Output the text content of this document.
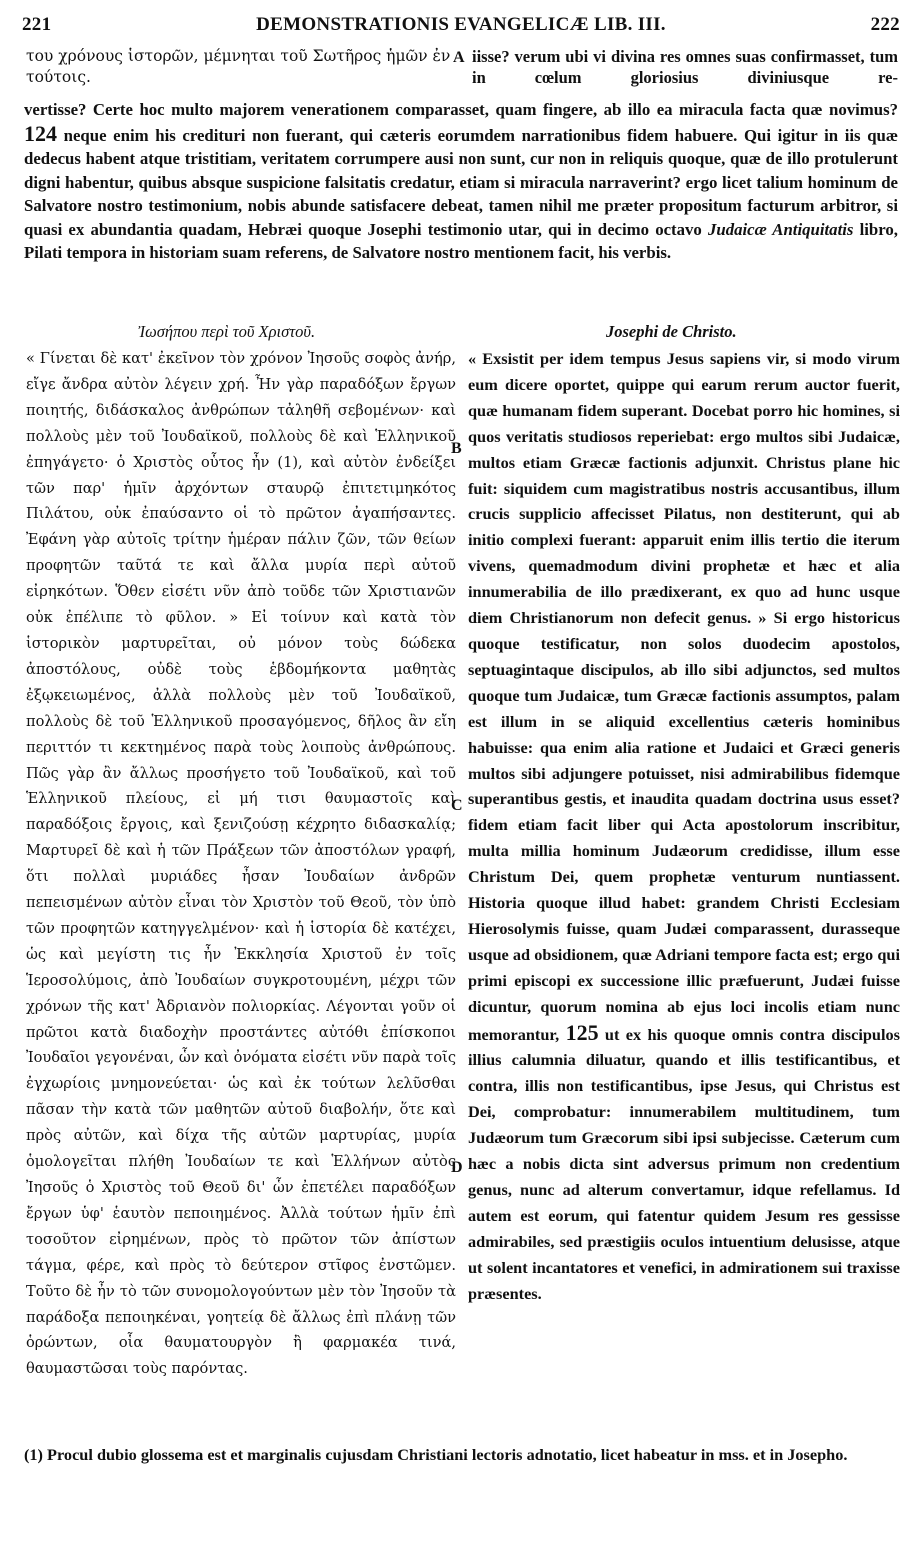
221	DEMONSTRATIONIS EVANGELICÆ LIB. III.	222
του χρόνους ἱστορῶν, μέμνηται τοῦ Σωτῆρος ἡμῶν ἐν τούτοις.
A iisse? verum ubi vi divina res omnes suas confirmasset, tum in cœlum gloriosius diviniusque re-
vertisse? Certe hoc multo majorem venerationem comparasset, quam fingere, ab illo ea miracula facta quæ novimus? 124 neque enim his credituri non fuerant, qui cæteris eorumdem narrationibus fidem habuere. Qui igitur in iis quæ dedecus habent atque tristitiam, veritatem corrumpere ausi non sunt, cur non in reliquis quoque, quæ de illo protulerunt digni habentur, quibus absque suspicione falsitatis credatur, etiam si miracula narraverint? ergo licet talium hominum de Salvatore nostro testimonium, nobis abunde satisfacere debeat, tamen nihil me præter propositum facturum arbitror, si quasi ex abundantia quadam, Hebræi quoque Josephi testimonio utar, qui in decimo octavo Judaicæ Antiquitatis libro, Pilati tempora in historiam suam referens, de Salvatore nostro mentionem facit, his verbis.
Ἰωσήπου περὶ τοῦ Χριστοῦ.	Josephi de Christo.
« Γίνεται δὲ κατ' ἐκεῖνον τὸν χρόνον Ἰησοῦς σοφὸς ἀνήρ, εἴγε ἄνδρα αὐτὸν λέγειν χρή. Ἦν γὰρ παραδόξων ἔργων ποιητής, διδάσκαλος ἀνθρώπων τἀληθῆ σεβομένων· καὶ πολλοὺς μὲν τοῦ Ἰουδαϊκοῦ, πολλοὺς δὲ καὶ Ἑλληνικοῦ ἐπηγάγετο· ὁ Χριστὸς οὗτος ἦν (1), καὶ αὐτὸν ἐνδείξει τῶν παρ' ἡμῖν ἀρχόντων σταυρῷ ἐπιτετιμηκότος Πιλάτου, οὐκ ἐπαύσαντο οἱ τὸ πρῶτον ἀγαπήσαντες. Ἐφάνη γὰρ αὐτοῖς τρίτην ἡμέραν πάλιν ζῶν, τῶν θείων προφητῶν ταῦτά τε καὶ ἄλλα μυρία περὶ αὐτοῦ εἰρηκότων. Ὅθεν εἰσέτι νῦν ἀπὸ τοῦδε τῶν Χριστιανῶν οὐκ ἐπέλιπε τὸ φῦλον. » Εἰ τοίνυν καὶ κατὰ τὸν ἱστορικὸν μαρτυρεῖται, οὐ μόνον τοὺς δώδεκα ἀποστόλους, οὐδὲ τοὺς ἑβδομήκοντα μαθητὰς ἐξῳκειωμένος, ἀλλὰ πολλοὺς μὲν τοῦ Ἰουδαϊκοῦ, πολλοὺς δὲ τοῦ Ἑλληνικοῦ προσαγόμενος, δῆλος ἂν εἴη περιττόν τι κεκτημένος παρὰ τοὺς λοιποὺς ἀνθρώπους. Πῶς γὰρ ἂν ἄλλως προσήγετο τοῦ Ἰουδαϊκοῦ, καὶ τοῦ Ἑλληνικοῦ πλείους, εἰ μή τισι θαυμαστοῖς καὶ παραδόξοις ἔργοις, καὶ ξενιζούσῃ κέχρητο διδασκαλίᾳ; Μαρτυρεῖ δὲ καὶ ἡ τῶν Πράξεων τῶν ἀποστόλων γραφή, ὅτι πολλαὶ μυριάδες ἦσαν Ἰουδαίων ἀνδρῶν πεπεισμένων αὐτὸν εἶναι τὸν Χριστὸν τοῦ Θεοῦ, τὸν ὑπὸ τῶν προφητῶν κατηγγελμένον· καὶ ἡ ἱστορία δὲ κατέχει, ὡς καὶ μεγίστη τις ἦν Ἐκκλησία Χριστοῦ ἐν τοῖς Ἱεροσολύμοις, ἀπὸ Ἰουδαίων συγκροτουμένη, μέχρι τῶν χρόνων τῆς κατ' Ἀδριανὸν πολιορκίας. Λέγονται γοῦν οἱ πρῶτοι κατὰ διαδοχὴν προστάντες αὐτόθι ἐπίσκοποι Ἰουδαῖοι γεγονέναι, ὧν καὶ ὀνόματα εἰσέτι νῦν παρὰ τοῖς ἐγχωρίοις μνημονεύεται· ὡς καὶ ἐκ τούτων λελῦσθαι πᾶσαν τὴν κατὰ τῶν μαθητῶν αὐτοῦ διαβολήν, ὅτε καὶ πρὸς αὐτῶν, καὶ δίχα τῆς αὐτῶν μαρτυρίας, μυρία ὁμολογεῖται πλήθη Ἰουδαίων τε καὶ Ἑλλήνων αὐτὸς Ἰησοῦς ὁ Χριστὸς τοῦ Θεοῦ δι' ὧν ἐπετέλει παραδόξων ἔργων ὑφ' ἑαυτὸν πεποιημένος. Ἀλλὰ τούτων ἡμῖν ἐπὶ τοσοῦτον εἰρημένων, πρὸς τὸ πρῶτον τῶν ἀπίστων τάγμα, φέρε, καὶ πρὸς τὸ δεύτερον στῖφος ἐνστῶμεν. Τοῦτο δὲ ἦν τὸ τῶν συνομολογούντων μὲν τὸν Ἰησοῦν τὰ παράδοξα πεποιηκέναι, γοητείᾳ δὲ ἄλλως ἐπὶ πλάνῃ τῶν ὁρώντων, οἷα θαυματουργὸν ἢ φαρμακέα τινά, θαυμαστῶσαι τοὺς παρόντας.
B
C
D
« Exsistit per idem tempus Jesus sapiens vir, si modo virum eum dicere oportet, quippe qui earum rerum auctor fuerit, quæ humanam fidem superant. Docebat porro hic homines, si quos veritatis studiosos reperiebat: ergo multos sibi Judaicæ, multos etiam Græcæ factionis adjunxit. Christus plane hic fuit: siquidem cum magistratibus nostris accusantibus, illum crucis supplicio affecisset Pilatus, non destiterunt, qui ab initio complexi fuerant: apparuit enim illis tertio die iterum vivens, quemadmodum divini prophetæ et hæc et alia innumerabilia de illo prædixerant, ex quo ad hunc usque diem Christianorum non defecit genus. » Si ergo historicus quoque testificatur, non solos duodecim apostolos, septuagintaque discipulos, ab illo sibi adjunctos, sed multos quoque tum Judaicæ, tum Græcæ factionis assumptos, palam est illum in se aliquid excellentius cæteris hominibus habuisse: qua enim alia ratione et Judaici et Græci generis multos sibi adjungere potuisset, nisi admirabilibus fidemque superantibus gestis, et inaudita quadam doctrina usus esset? fidem etiam facit liber qui Acta apostolorum inscribitur, multa millia hominum Judæorum credidisse, illum esse Christum Dei, quem prophetæ venturum nuntiassent. Historia quoque illud habet: grandem Christi Ecclesiam Hierosolymis fuisse, quam Judæi comparassent, durasseque usque ad obsidionem, quæ Adriani tempore facta est; ergo qui primi episcopi ex successione illic præfuerunt, Judæi fuisse dicuntur, quorum nomina ab ejus loci incolis etiam nunc memorantur, 125 ut ex his quoque omnis contra discipulos illius calumnia diluatur, quando et illis testificantibus, et contra, illis non testificantibus, ipse Jesus, qui Christus est Dei, comprobatur: innumerabilem multitudinem, tum Judæorum tum Græcorum sibi ipsi subjecisse. Cæterum cum hæc a nobis dicta sint adversus primum non credentium genus, nunc ad alterum convertamur, idque refellamus. Id autem est eorum, qui fatentur quidem Jesum res gessisse admirabiles, sed præstigiis oculos intuentium delusisse, atque ut solent incantatores et venefici, in admirationem sui traxisse præsentes.
(1) Procul dubio glossema est et marginalis cujusdam Christiani lectoris adnotatio, licet habeatur in mss. et in Josepho.
